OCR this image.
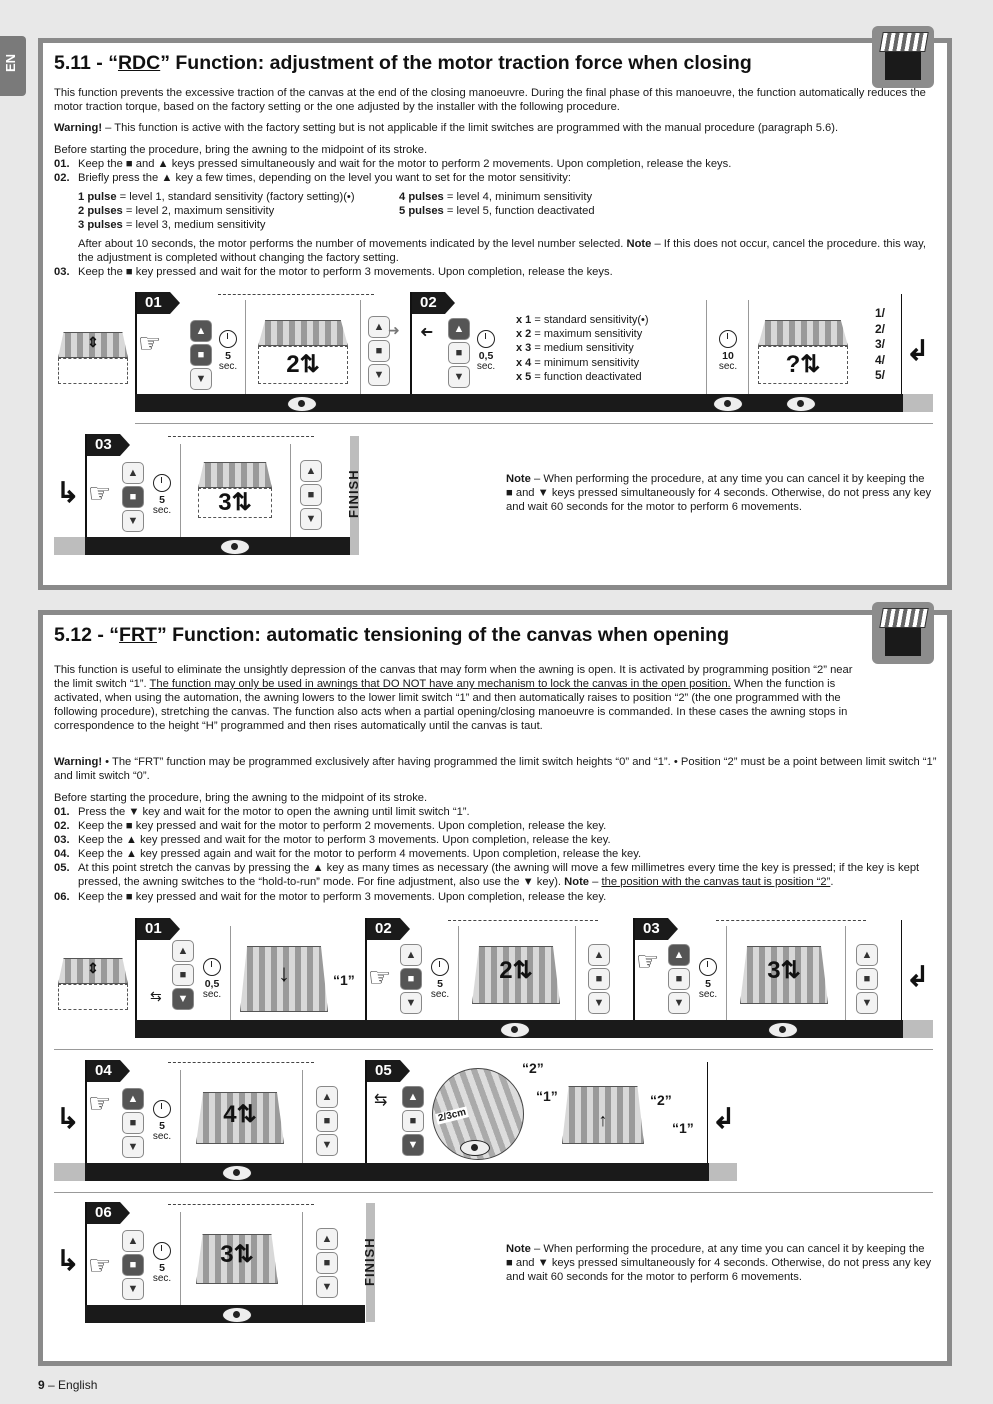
EN 5.11 - “RDC” Function: adjustment of the motor traction force when closing
This function prevents the excessive traction of the canvas at the end of the closing manoeuvre. During the final phase of this manoeuvre, the function automatically reduces the motor traction torque, based on the factory setting or the one adjusted by the installer with the following procedure.
Warning! – This function is active with the factory setting but is not applicable if the limit switches are programmed with the manual procedure (paragraph 5.6).
Before starting the procedure, bring the awning to the midpoint of its stroke.
01. Keep the ■ and ▲ keys pressed simultaneously and wait for the motor to perform 2 movements. Upon completion, release the keys.
02. Briefly press the ▲ key a few times, depending on the level you want to set for the motor sensitivity:
1 pulse = level 1, standard sensitivity (factory setting)(•)
2 pulses = level 2, maximum sensitivity
3 pulses = level 3, medium sensitivity
4 pulses = level 4, minimum sensitivity
5 pulses = level 5, function deactivated
After about 10 seconds, the motor performs the number of movements indicated by the level number selected. Note – If this does not occur, cancel the procedure. this way, the adjustment is completed without changing the factory setting.
03. Keep the ■ key pressed and wait for the motor to perform 3 movements. Upon completion, release the keys.
⇕
01
☞	▲
■
▼
5
sec.	2⇅
▲
■
▼
➜
02
➜	▲
■
▼
0,5
sec.
x 1 = standard sensitivity(•)
x 2 = maximum sensitivity
x 3 = medium sensitivity
x 4 = minimum sensitivity
x 5 = function deactivated
10
sec.	?⇅
1/
2/
3/
4/
5/
↲
↳
03
☞
▲
■
▼
5
sec.	3⇅
▲
■
▼
FINISH	Note – When performing the procedure, at any time you can cancel it by keeping the ■ and ▼ keys pressed simultaneously for 4 seconds. Otherwise, do not press any key and wait 60 seconds for the motor to perform 6 movements.
5.12 - “FRT” Function: automatic tensioning of the canvas when opening
This function is useful to eliminate the unsightly depression of the canvas that may form when the awning is open. It is activated by programming position “2” near the limit switch “1”. The function may only be used in awnings that DO NOT have any mechanism to lock the canvas in the open position. When the function is activated, when using the automation, the awning lowers to the lower limit switch “1” and then automatically raises to position “2” (the one programmed with the following procedure), stretching the canvas. The function also acts when a partial opening/closing manoeuvre is commanded. In these cases the awning stops in correspondence to the height “H” programmed and then rises automatically until the canvas is taut.
Warning! • The “FRT” function may be programmed exclusively after having programmed the limit switch heights “0” and “1”. • Position “2” must be a point between limit switch “1” and limit switch “0”.
Before starting the procedure, bring the awning to the midpoint of its stroke.
01. Press the ▼ key and wait for the motor to open the awning until limit switch “1”.
02. Keep the ■ key pressed and wait for the motor to perform 2 movements. Upon completion, release the key.
03. Keep the ▲ key pressed and wait for the motor to perform 3 movements. Upon completion, release the key.
04. Keep the ▲ key pressed again and wait for the motor to perform 4 movements. Upon completion, release the key.
05. At this point stretch the canvas by pressing the ▲ key as many times as necessary (the awning will move a few millimetres every time the key is pressed; if the key is kept pressed, the awning switches to the “hold-to-run” mode. For fine adjustment, also use the ▼ key). Note – the position with the canvas taut is position “2”.
06. Keep the ■ key pressed and wait for the motor to perform 3 movements. Upon completion, release the key.
⇕
01
▲
■
▼
⇆
0,5
sec.
↓	“1”
02
☞
▲
■
▼
5
sec.
2⇅
▲
■
▼
03
☞	▲
■
▼
5
sec.
3⇅
▲
■
▼
↲
↳
04
☞	▲
■
▼
5
sec.
4⇅
▲
■
▼
05
⇆	▲
■
▼
2/3cm
“2”
“1”
↑
“2”
“1” ↲
↳
06
☞
▲
■
▼
5
sec.
3⇅
▲
■
▼
FINISH	Note – When performing the procedure, at any time you can cancel it by keeping the ■ and ▼ keys pressed simultaneously for 4 seconds. Otherwise, do not press any key and wait 60 seconds for the motor to perform 6 movements.
9 – English
